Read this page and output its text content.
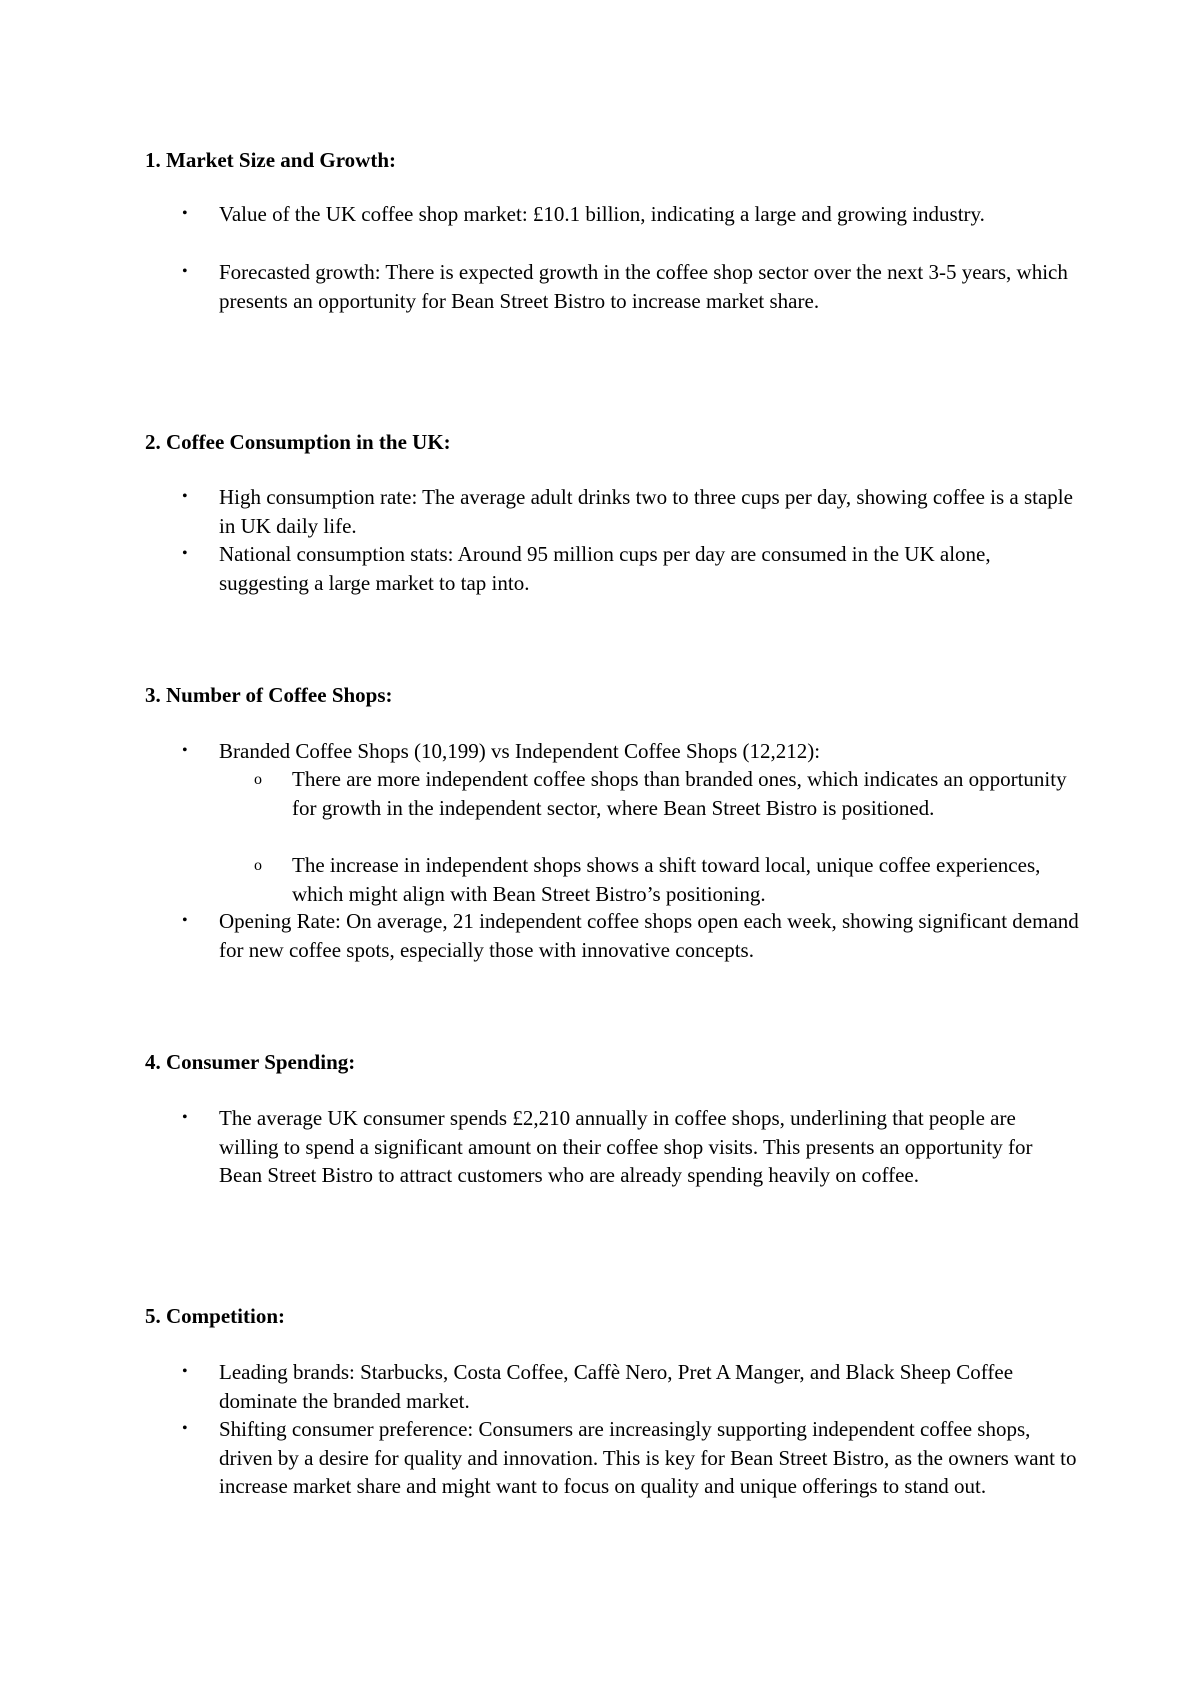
1. Market Size and Growth:
• Value of the UK coffee shop market: £10.1 billion, indicating a large and growing industry.
• Forecasted growth: There is expected growth in the coffee shop sector over the next 3-5 years, which presents an opportunity for Bean Street Bistro to increase market share.
2. Coffee Consumption in the UK:
• High consumption rate: The average adult drinks two to three cups per day, showing coffee is a staple in UK daily life.
• National consumption stats: Around 95 million cups per day are consumed in the UK alone, suggesting a large market to tap into.
3. Number of Coffee Shops:
• Branded Coffee Shops (10,199) vs Independent Coffee Shops (12,212):
o There are more independent coffee shops than branded ones, which indicates an opportunity for growth in the independent sector, where Bean Street Bistro is positioned.
o The increase in independent shops shows a shift toward local, unique coffee experiences, which might align with Bean Street Bistro’s positioning.
• Opening Rate: On average, 21 independent coffee shops open each week, showing significant demand for new coffee spots, especially those with innovative concepts.
4. Consumer Spending:
• The average UK consumer spends £2,210 annually in coffee shops, underlining that people are willing to spend a significant amount on their coffee shop visits. This presents an opportunity for Bean Street Bistro to attract customers who are already spending heavily on coffee.
5. Competition:
• Leading brands: Starbucks, Costa Coffee, Caffè Nero, Pret A Manger, and Black Sheep Coffee dominate the branded market.
• Shifting consumer preference: Consumers are increasingly supporting independent coffee shops, driven by a desire for quality and innovation. This is key for Bean Street Bistro, as the owners want to increase market share and might want to focus on quality and unique offerings to stand out.
